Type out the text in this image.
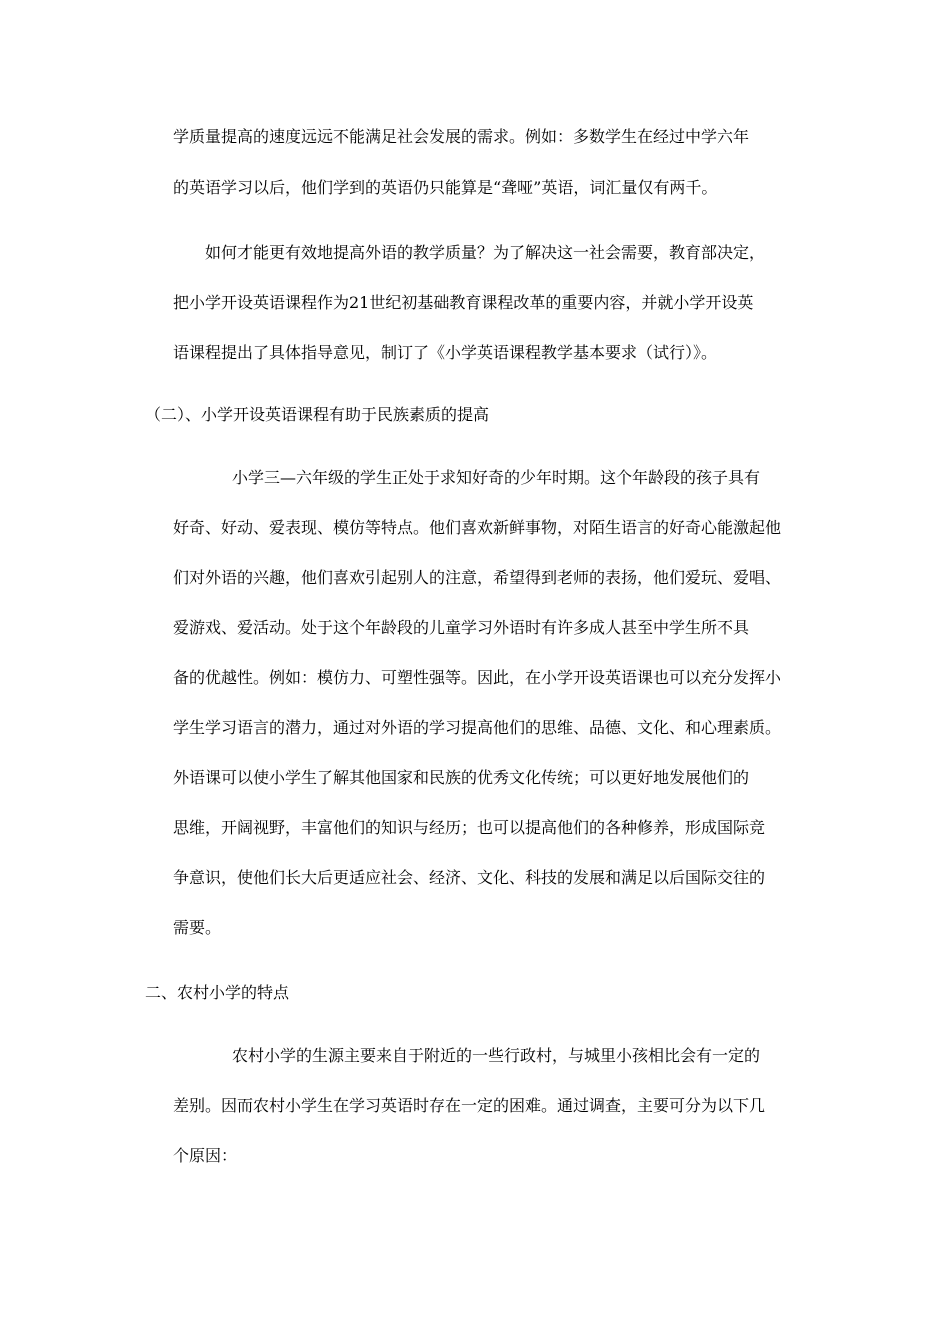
学质量提高的速度远远不能满足社会发展的需求。例如：多数学生在经过中学六年
的英语学习以后，他们学到的英语仍只能算是“聋哑”英语，词汇量仅有两千。
如何才能更有效地提高外语的教学质量？为了解决这一社会需要，教育部决定，
把小学开设英语课程作为21世纪初基础教育课程改革的重要内容，并就小学开设英
语课程提出了具体指导意见，制订了《小学英语课程教学基本要求（试行）》。
（二）、小学开设英语课程有助于民族素质的提高
小学三—六年级的学生正处于求知好奇的少年时期。这个年龄段的孩子具有
好奇、好动、爱表现、模仿等特点。他们喜欢新鲜事物，对陌生语言的好奇心能激起他
们对外语的兴趣，他们喜欢引起别人的注意，希望得到老师的表扬，他们爱玩、爱唱、
爱游戏、爱活动。处于这个年龄段的儿童学习外语时有许多成人甚至中学生所不具
备的优越性。例如：模仿力、可塑性强等。因此，在小学开设英语课也可以充分发挥小
学生学习语言的潜力，通过对外语的学习提高他们的思维、品德、文化、和心理素质。
外语课可以使小学生了解其他国家和民族的优秀文化传统；可以更好地发展他们的
思维，开阔视野，丰富他们的知识与经历；也可以提高他们的各种修养，形成国际竞
争意识，使他们长大后更适应社会、经济、文化、科技的发展和满足以后国际交往的
需要。
二、农村小学的特点
农村小学的生源主要来自于附近的一些行政村，与城里小孩相比会有一定的
差别。因而农村小学生在学习英语时存在一定的困难。通过调查，主要可分为以下几
个原因：
